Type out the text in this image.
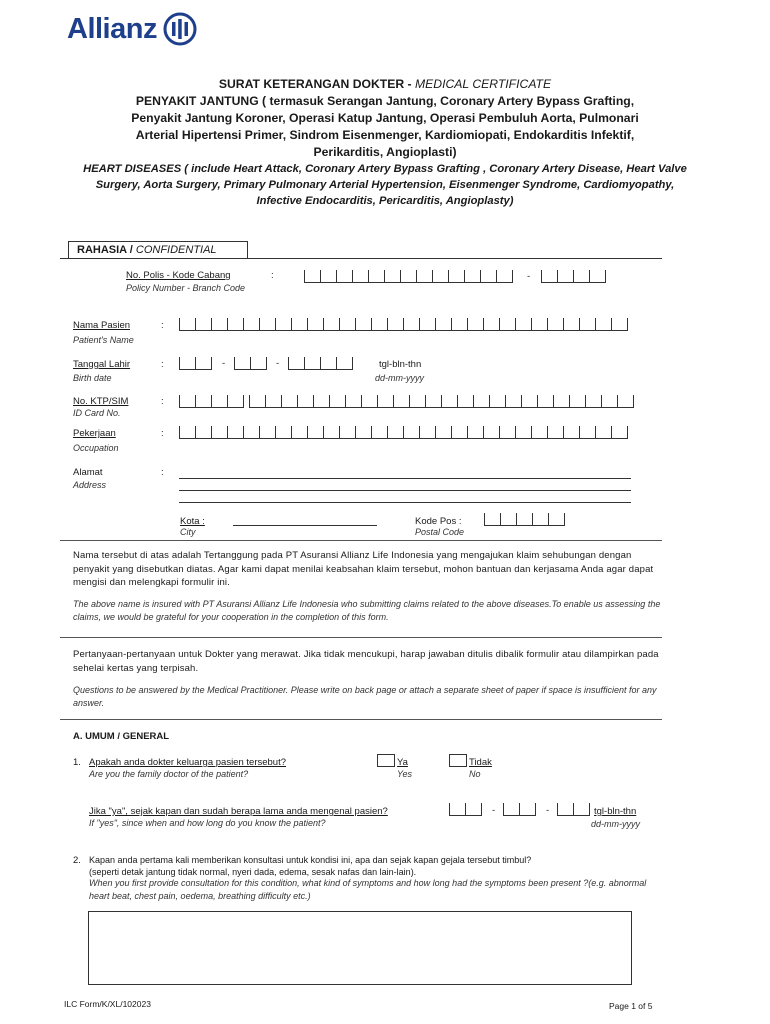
Allianz
SURAT KETERANGAN DOKTER - MEDICAL CERTIFICATE
PENYAKIT JANTUNG ( termasuk Serangan Jantung, Coronary Artery Bypass Grafting,
Penyakit Jantung Koroner, Operasi Katup Jantung, Operasi Pembuluh Aorta, Pulmonari
Arterial Hipertensi Primer, Sindrom Eisenmenger, Kardiomiopati, Endokarditis Infektif,
Perikarditis, Angioplasti)
HEART DISEASES ( include Heart Attack, Coronary Artery Bypass Grafting , Coronary Artery Disease, Heart Valve
Surgery, Aorta Surgery, Primary Pulmonary Arterial Hypertension, Eisenmenger Syndrome, Cardiomyopathy,
Infective Endocarditis, Pericarditis, Angioplasty)
RAHASIA / CONFIDENTIAL
No. Polis - Kode Cabang
Policy Number - Branch Code
:	-
Nama Pasien
Patient's Name
:
Tanggal Lahir
Birth date
:	-	-	tgl-bln-thn
dd-mm-yyyy
No. KTP/SIM
ID Card No.
:
Pekerjaan
Occupation
:
Alamat
Address
:
Kota :
City
Kode Pos :
Postal Code
Nama tersebut di atas adalah Tertanggung pada PT Asuransi Allianz Life Indonesia yang mengajukan klaim sehubungan dengan penyakit yang disebutkan diatas. Agar kami dapat menilai keabsahan klaim tersebut, mohon bantuan dan kerjasama Anda agar dapat mengisi dan melengkapi formulir ini.
The above name is insured with PT Asuransi Allianz Life Indonesia who submitting claims related to the above diseases.To enable us assessing the claims, we would be grateful for your cooperation in the completion of this form.
Pertanyaan-pertanyaan untuk Dokter yang merawat. Jika tidak mencukupi, harap jawaban ditulis dibalik formulir atau dilampirkan pada sehelai kertas yang terpisah.
Questions to be answered by the Medical Practitioner. Please write on back page or attach a separate sheet of paper if space is insufficient for any answer.
A. UMUM / GENERAL
1. Apakah anda dokter keluarga pasien tersebut?
Are you the family doctor of the patient?
Ya
Yes
Tidak
No
Jika "ya", sejak kapan dan sudah berapa lama anda mengenal pasien?
If "yes", since when and how long do you know the patient?
-	-	tgl-bln-thn
dd-mm-yyyy
2. Kapan anda pertama kali memberikan konsultasi untuk kondisi ini, apa dan sejak kapan gejala tersebut timbul?
(seperti detak jantung tidak normal, nyeri dada, edema, sesak nafas dan lain-lain).
When you first provide consultation for this condition, what kind of symptoms and how long had the symptoms been present ?(e.g. abnormal heart beat, chest pain, oedema, breathing difficulty etc.)
ILC Form/K/XL/102023	Page 1 of 5
